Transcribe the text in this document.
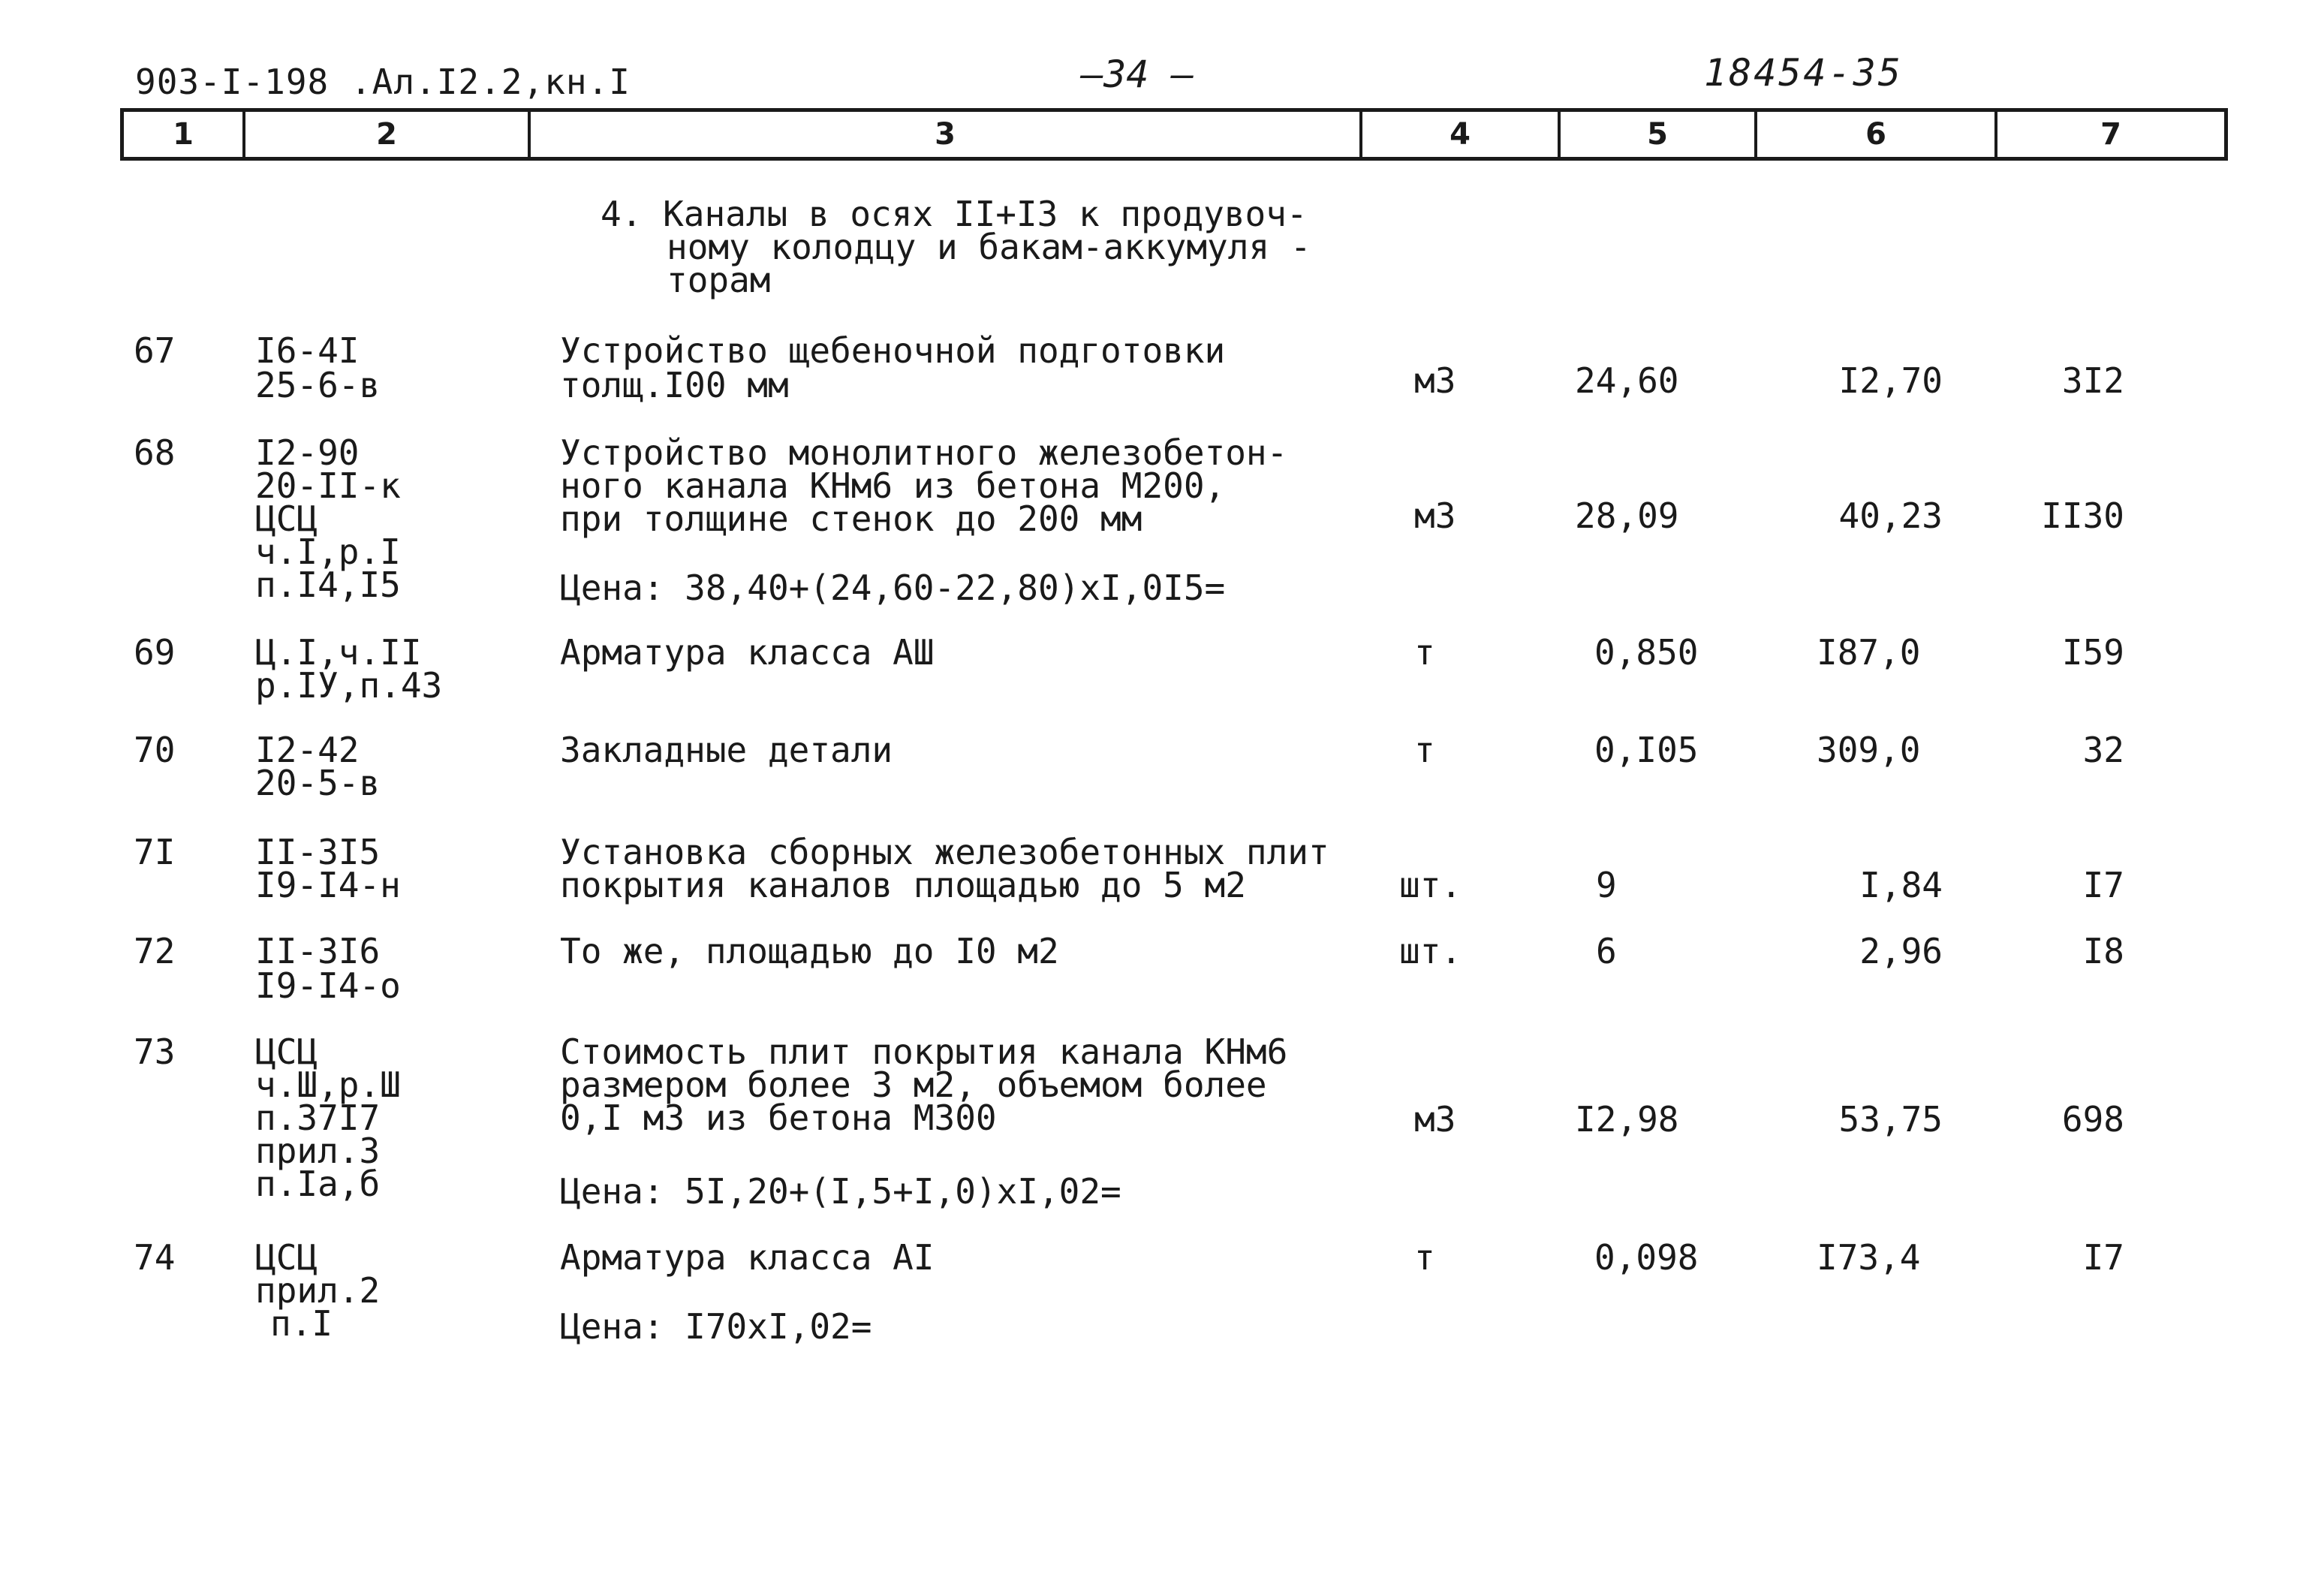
903-I-198 .Ал.I2.2,кн.I	—34 —	18454-35
1	2	3	4	5	6	7
4. Каналы в осях II+I3 к продувоч-
ному колодцу и бакам-аккумуля -
торам
67 I6-4I
25-6-в
Устройство щебеночной подготовки
толщ.I00 мм	м3	24,60	I2,70	3I2
68 I2-90
20-II-к
ЦСЦ
ч.I,р.I
п.I4,I5
Устройство монолитного железобетон-
ного канала КНм6 из бетона М200,
при толщине стенок до 200 мм
Цена: 38,40+(24,60-22,80)хI,0I5=
м3	28,09	40,23	II30
69 Ц.I,ч.II
р.IУ,п.43
Арматура класса АШ	т	0,850	I87,0	I59
70 I2-42
20-5-в
Закладные детали	т	0,I05	309,0	32
7I II-3I5
I9-I4-н
Установка сборных железобетонных плит
покрытия каналов площадью до 5 м2	шт.	9	I,84	I7
72 II-3I6
I9-I4-о
То же, площадью до I0 м2	шт.	6	2,96	I8
73 ЦСЦ
ч.Ш,р.Ш
п.37I7
прил.3
п.Iа,б
Стоимость плит покрытия канала КНм6
размером более 3 м2, объемом более
0,I м3 из бетона М300
Цена: 5I,20+(I,5+I,0)хI,02=
м3	I2,98	53,75	698
74 ЦСЦ
прил.2
п.I
Арматура класса АI
Цена: I70хI,02=
т	0,098	I73,4	I7
